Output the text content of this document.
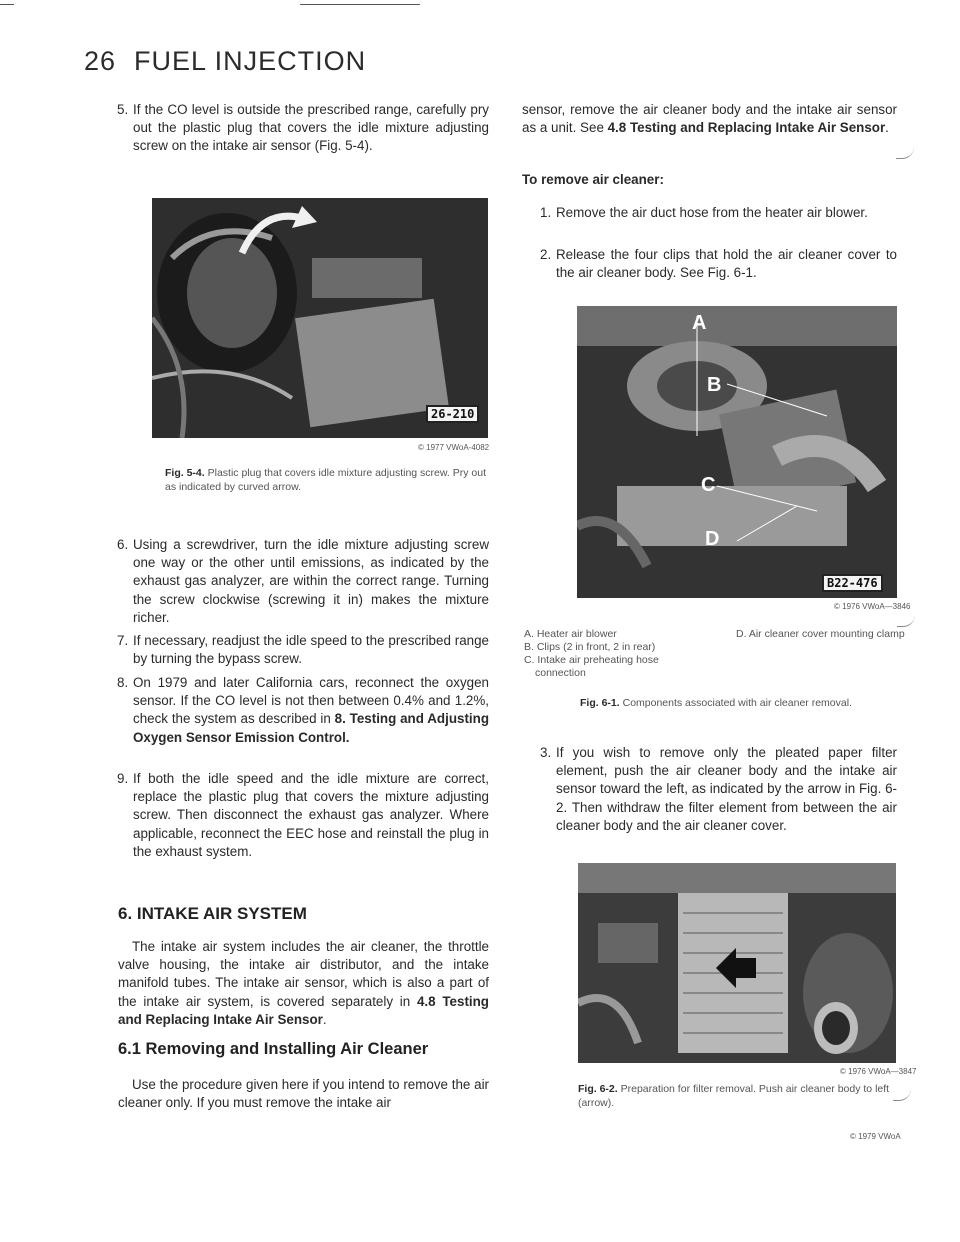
26 FUEL INJECTION
5. If the CO level is outside the prescribed range, carefully pry out the plastic plug that covers the idle mixture adjusting screw on the intake air sensor (Fig. 5-4).
26-210
© 1977 VWoA-4082
Fig. 5-4. Plastic plug that covers idle mixture adjusting screw. Pry out as indicated by curved arrow.
6. Using a screwdriver, turn the idle mixture adjusting screw one way or the other until emissions, as indicated by the exhaust gas analyzer, are within the correct range. Turning the screw clockwise (screwing it in) makes the mixture richer.
7. If necessary, readjust the idle speed to the prescribed range by turning the bypass screw.
8. On 1979 and later California cars, reconnect the oxygen sensor. If the CO level is not then between 0.4% and 1.2%, check the system as described in 8. Testing and Adjusting Oxygen Sensor Emission Control.
9. If both the idle speed and the idle mixture are correct, replace the plastic plug that covers the mixture adjusting screw. Then disconnect the exhaust gas analyzer. Where applicable, reconnect the EEC hose and reinstall the plug in the exhaust system.
6. INTAKE AIR SYSTEM
The intake air system includes the air cleaner, the throttle valve housing, the intake air distributor, and the intake manifold tubes. The intake air sensor, which is also a part of the intake air system, is covered separately in 4.8 Testing and Replacing Intake Air Sensor.
6.1 Removing and Installing Air Cleaner
Use the procedure given here if you intend to remove the air cleaner only. If you must remove the intake air
sensor, remove the air cleaner body and the intake air sensor as a unit. See 4.8 Testing and Replacing Intake Air Sensor.
To remove air cleaner:
1. Remove the air duct hose from the heater air blower.
2. Release the four clips that hold the air cleaner cover to the air cleaner body. See Fig. 6-1.
A
B
C
D
B22-476
© 1976 VWoA—3846
A. Heater air blower
B. Clips (2 in front, 2 in rear)
C. Intake air preheating hose connection
D. Air cleaner cover mounting clamp
Fig. 6-1. Components associated with air cleaner removal.
3. If you wish to remove only the pleated paper filter element, push the air cleaner body and the intake air sensor toward the left, as indicated by the arrow in Fig. 6-2. Then withdraw the filter element from between the air cleaner body and the air cleaner cover.
© 1976 VWoA—3847
Fig. 6-2. Preparation for filter removal. Push air cleaner body to left (arrow).
© 1979 VWoA
